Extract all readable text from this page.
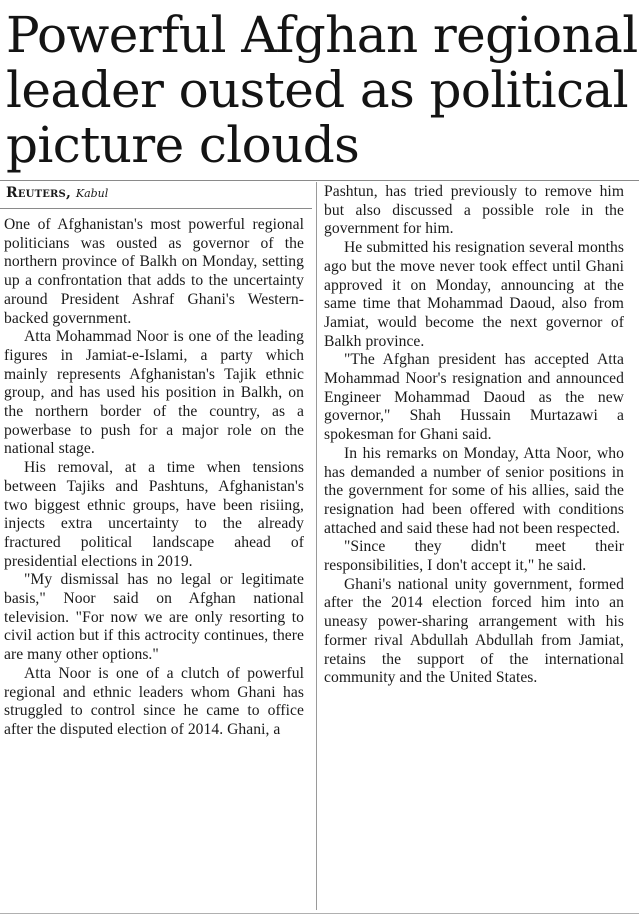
Powerful Afghan regional
leader ousted as political
picture clouds
Reuters, Kabul

One of Afghanistan's most powerful regional politicians was ousted as governor of the northern province of Balkh on Monday, setting up a confrontation that adds to the uncertainty around President Ashraf Ghani's Western-backed government.

Atta Mohammad Noor is one of the leading figures in Jamiat-e-Islami, a party which mainly represents Afghanistan's Tajik ethnic group, and has used his position in Balkh, on the northern border of the country, as a powerbase to push for a major role on the national stage.

His removal, at a time when tensions between Tajiks and Pashtuns, Afghanistan's two biggest ethnic groups, have been risiing, injects extra uncertainty to the already fractured political landscape ahead of presidential elections in 2019.

"My dismissal has no legal or legitimate basis," Noor said on Afghan national television. "For now we are only resorting to civil action but if this actrocity continues, there are many other options."

Atta Noor is one of a clutch of powerful regional and ethnic leaders whom Ghani has struggled to control since he came to office after the disputed election of 2014. Ghani, a

Pashtun, has tried previously to remove him but also discussed a possible role in the government for him.

He submitted his resignation several months ago but the move never took effect until Ghani approved it on Monday, announcing at the same time that Mohammad Daoud, also from Jamiat, would become the next governor of Balkh province.

"The Afghan president has accepted Atta Mohammad Noor's resignation and announced Engineer Mohammad Daoud as the new governor," Shah Hussain Murtazawi a spokesman for Ghani said.

In his remarks on Monday, Atta Noor, who has demanded a number of senior positions in the government for some of his allies, said the resignation had been offered with conditions attached and said these had not been respected.

"Since they didn't meet their responsibilities, I don't accept it," he said.

Ghani's national unity government, formed after the 2014 election forced him into an uneasy power-sharing arrangement with his former rival Abdullah Abdullah from Jamiat, retains the support of the international community and the United States.
